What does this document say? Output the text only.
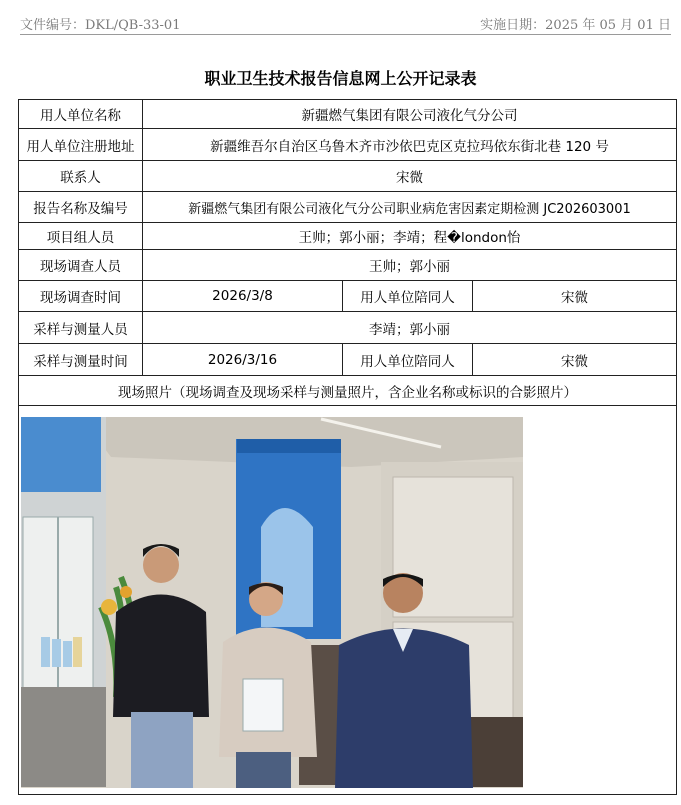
文件编号：DKL/QB-33-01	实施日期：2025 年 05 月 01 日
职业卫生技术报告信息网上公开记录表
用人单位名称	新疆燃气集团有限公司液化气分公司		
用人单位注册地址	新疆维吾尔自治区乌鲁木齐市沙依巴克区克拉玛依东街北巷 120 号		
联系人	宋微		
报告名称及编号	新疆燃气集团有限公司液化气分公司职业病危害因素定期检测 JC202603001		
项目组人员	王帅；郭小丽；李靖；程�london怡		
现场调查人员	王帅；郭小丽		
现场调查时间	2026/3/8	用人单位陪同人	宋微
采样与测量人员	李靖；郭小丽		
采样与测量时间	2026/3/16	用人单位陪同人	宋微
现场照片（现场调查及现场采样与测量照片，含企业名称或标识的合影照片）			
